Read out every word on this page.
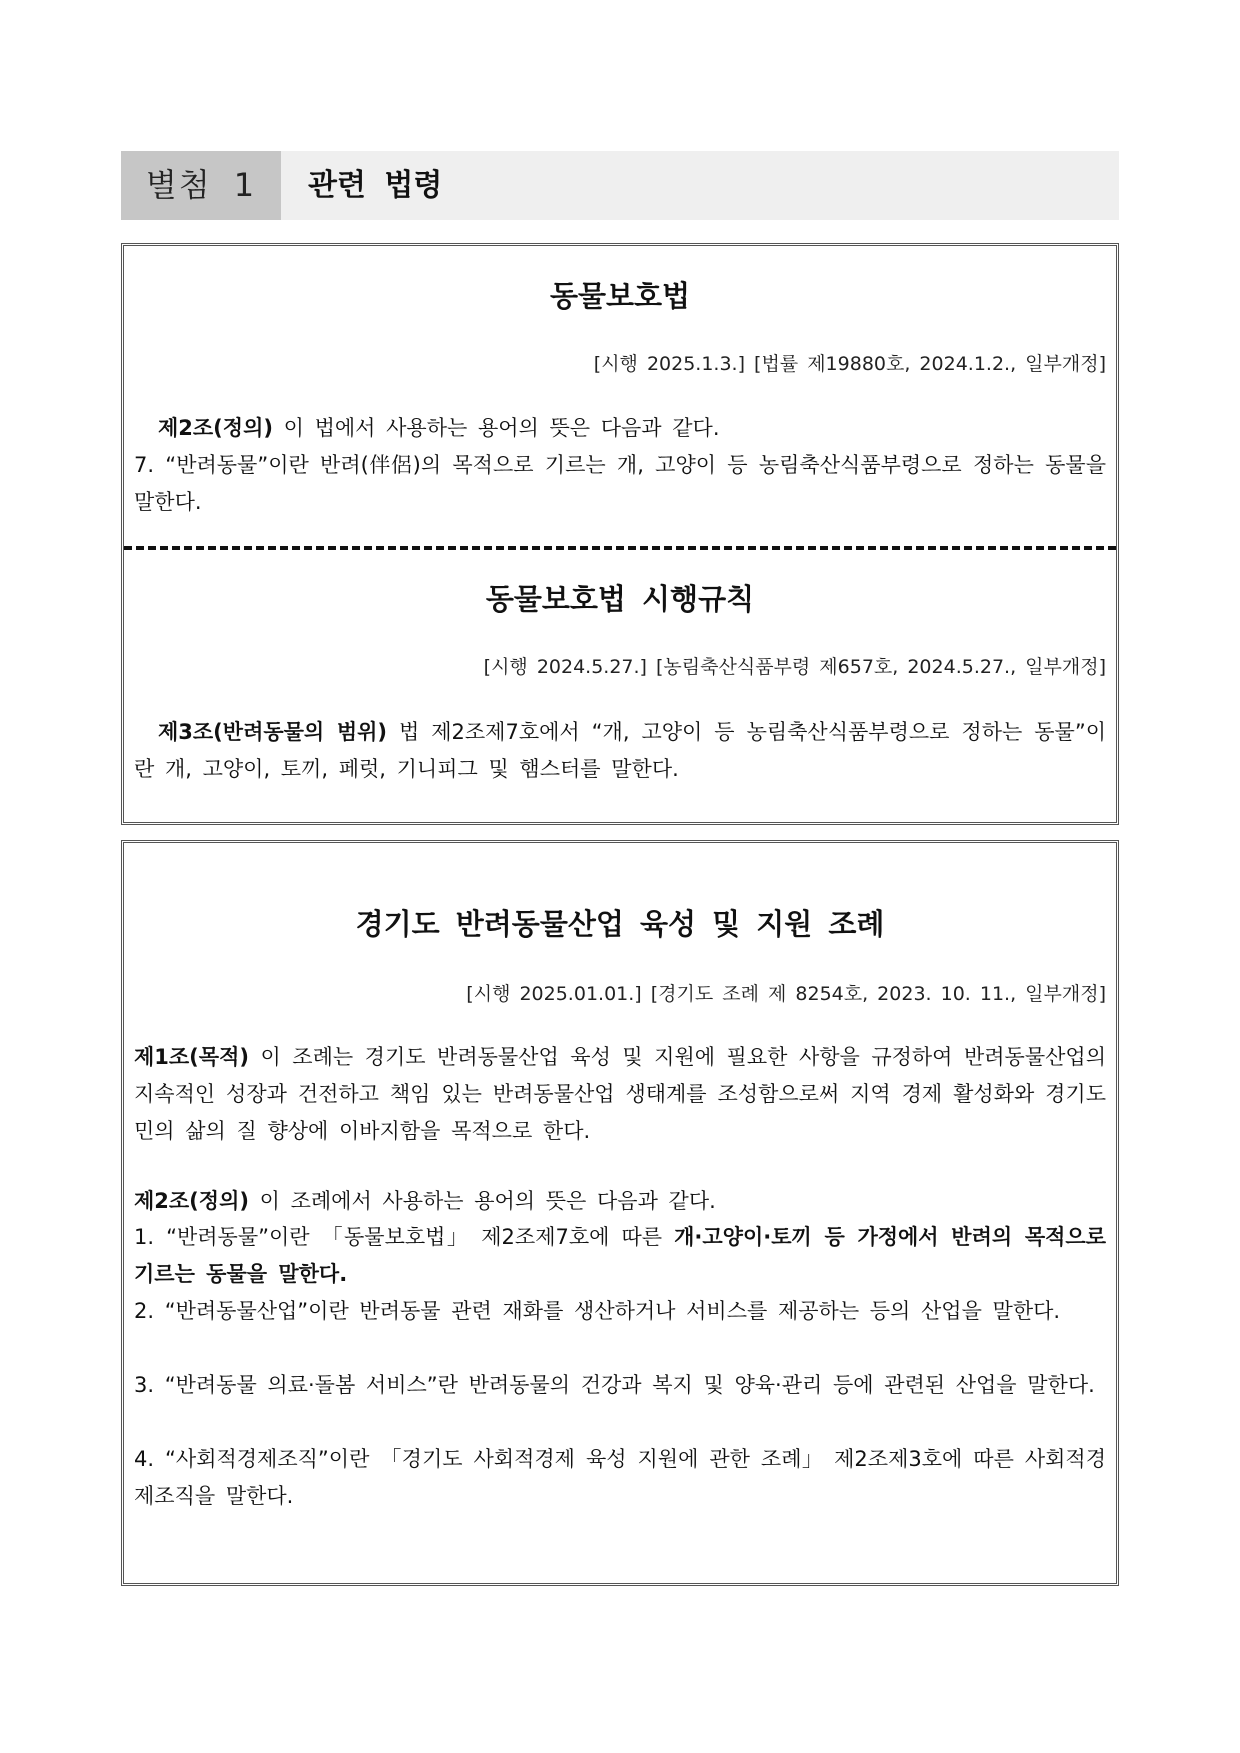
별첨 1	관련 법령
동물보호법
[시행 2025.1.3.] [법률 제19880호, 2024.1.2., 일부개정]
제2조(정의) 이 법에서 사용하는 용어의 뜻은 다음과 같다.
7. “반려동물”이란 반려(伴侶)의 목적으로 기르는 개, 고양이 등 농림축산식품부령으로 정하는 동물을 말한다.
동물보호법 시행규칙
[시행 2024.5.27.] [농림축산식품부령 제657호, 2024.5.27., 일부개정]
제3조(반려동물의 범위) 법 제2조제7호에서 “개, 고양이 등 농림축산식품부령으로 정하는 동물”이란 개, 고양이, 토끼, 페럿, 기니피그 및 햄스터를 말한다.
경기도 반려동물산업 육성 및 지원 조례
[시행 2025.01.01.] [경기도 조례 제 8254호, 2023. 10. 11., 일부개정]
제1조(목적) 이 조례는 경기도 반려동물산업 육성 및 지원에 필요한 사항을 규정하여 반려동물산업의 지속적인 성장과 건전하고 책임 있는 반려동물산업 생태계를 조성함으로써 지역 경제 활성화와 경기도민의 삶의 질 향상에 이바지함을 목적으로 한다.
제2조(정의) 이 조례에서 사용하는 용어의 뜻은 다음과 같다.
1. “반려동물”이란 「동물보호법」 제2조제7호에 따른 개·고양이·토끼 등 가정에서 반려의 목적으로 기르는 동물을 말한다.
2. “반려동물산업”이란 반려동물 관련 재화를 생산하거나 서비스를 제공하는 등의 산업을 말한다.
3. “반려동물 의료·돌봄 서비스”란 반려동물의 건강과 복지 및 양육·관리 등에 관련된 산업을 말한다.
4. “사회적경제조직”이란 「경기도 사회적경제 육성 지원에 관한 조례」 제2조제3호에 따른 사회적경제조직을 말한다.
